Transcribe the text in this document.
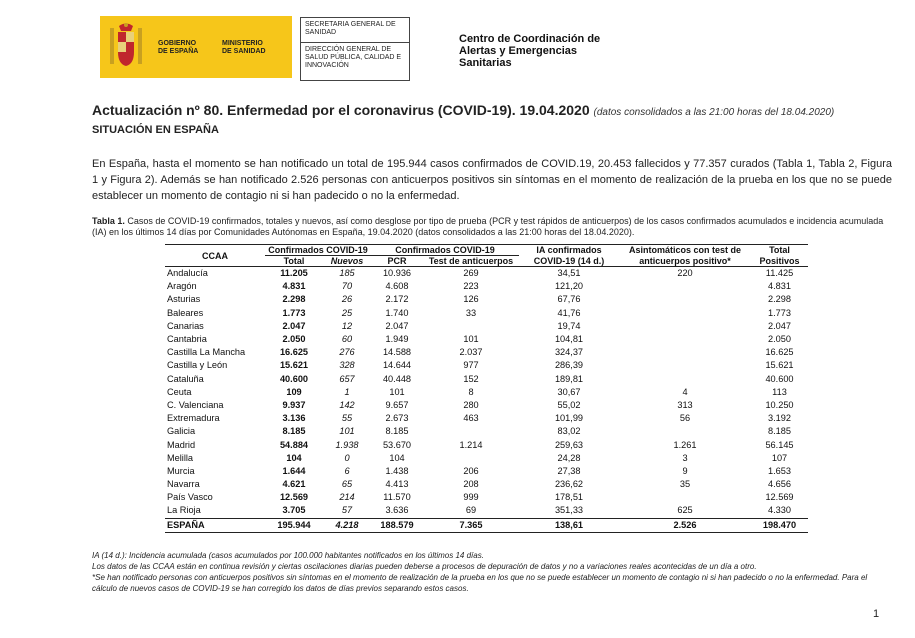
GOBIERNO
DE ESPAÑA
MINISTERIO
DE SANIDAD
SECRETARIA GENERAL DE SANIDAD
DIRECCIÓN GENERAL DE SALUD PÚBLICA, CALIDAD E INNOVACIÓN
Centro de Coordinación de
Alertas y Emergencias
Sanitarias
Actualización nº 80. Enfermedad por el coronavirus (COVID-19). 19.04.2020 (datos consolidados a las 21:00 horas del 18.04.2020)
SITUACIÓN EN ESPAÑA
En España, hasta el momento se han notificado un total de 195.944 casos confirmados de COVID.19, 20.453 fallecidos y 77.357 curados (Tabla 1, Tabla 2, Figura 1 y Figura 2). Además se han notificado 2.526 personas con anticuerpos positivos sin síntomas en el momento de realización de la prueba en los que no se puede establecer un momento de contagio ni si han padecido o no la enfermedad.
Tabla 1. Casos de COVID-19 confirmados, totales y nuevos, así como desglose por tipo de prueba (PCR y test rápidos de anticuerpos) de los casos confirmados acumulados e incidencia acumulada (IA) en los últimos 14 días por Comunidades Autónomas en España, 19.04.2020 (datos consolidados a las 21:00 horas del 18.04.2020).
CCAA	Confirmados COVID-19		Confirmados COVID-19		IA confirmados	Asintomáticos con test de	Total
	Total	Nuevos	PCR	Test de anticuerpos	COVID-19 (14 d.)	anticuerpos positivo*	Positivos
Andalucía	11.205	185	10.936	269	34,51	220	11.425
Aragón	4.831	70	4.608	223	121,20		4.831
Asturias	2.298	26	2.172	126	67,76		2.298
Baleares	1.773	25	1.740	33	41,76		1.773
Canarias	2.047	12	2.047		19,74		2.047
Cantabria	2.050	60	1.949	101	104,81		2.050
Castilla La Mancha	16.625	276	14.588	2.037	324,37		16.625
Castilla y León	15.621	328	14.644	977	286,39		15.621
Cataluña	40.600	657	40.448	152	189,81		40.600
Ceuta	109	1	101	8	30,67	4	113
C. Valenciana	9.937	142	9.657	280	55,02	313	10.250
Extremadura	3.136	55	2.673	463	101,99	56	3.192
Galicia	8.185	101	8.185		83,02		8.185
Madrid	54.884	1.938	53.670	1.214	259,63	1.261	56.145
Melilla	104	0	104		24,28	3	107
Murcia	1.644	6	1.438	206	27,38	9	1.653
Navarra	4.621	65	4.413	208	236,62	35	4.656
País Vasco	12.569	214	11.570	999	178,51		12.569
La Rioja	3.705	57	3.636	69	351,33	625	4.330
ESPAÑA	195.944	4.218	188.579	7.365	138,61	2.526	198.470
IA (14 d.): Incidencia acumulada (casos acumulados por 100.000 habitantes notificados en los últimos 14 días.
Los datos de las CCAA están en continua revisión y ciertas oscilaciones diarias pueden deberse a procesos de depuración de datos y no a variaciones reales acontecidas de un día a otro.
*Se han notificado personas con anticuerpos positivos sin síntomas en el momento de realización de la prueba en los que no se puede establecer un momento de contagio ni si han padecido o no la enfermedad. Para el cálculo de nuevos casos de COVID-19 se han corregido los datos de días previos separando estos casos.
1
